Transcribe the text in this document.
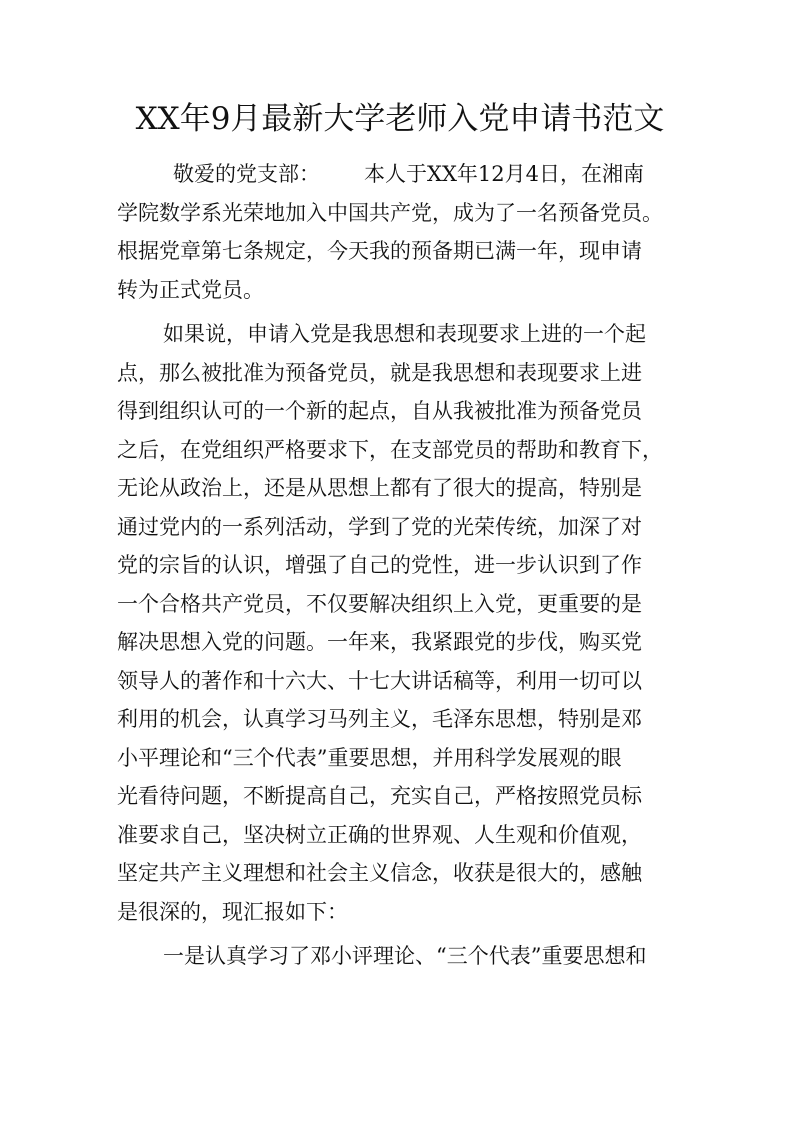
XX年9月最新大学老师入党申请书范文
敬爱的党支部： 本人于XX年12月4日，在湘南
学院数学系光荣地加入中国共产党，成为了一名预备党员。
根据党章第七条规定，今天我的预备期已满一年，现申请
转为正式党员。
如果说，申请入党是我思想和表现要求上进的一个起
点，那么被批准为预备党员，就是我思想和表现要求上进
得到组织认可的一个新的起点，自从我被批准为预备党员
之后，在党组织严格要求下，在支部党员的帮助和教育下，
无论从政治上，还是从思想上都有了很大的提高，特别是
通过党内的一系列活动，学到了党的光荣传统，加深了对
党的宗旨的认识，增强了自己的党性，进一步认识到了作
一个合格共产党员，不仅要解决组织上入党，更重要的是
解决思想入党的问题。一年来，我紧跟党的步伐，购买党
领导人的著作和十六大、十七大讲话稿等，利用一切可以
利用的机会，认真学习马列主义，毛泽东思想，特别是邓
小平理论和“三个代表”重要思想，并用科学发展观的眼
光看待问题，不断提高自己，充实自己，严格按照党员标
准要求自己，坚决树立正确的世界观、人生观和价值观，
坚定共产主义理想和社会主义信念，收获是很大的，感触
是很深的，现汇报如下：
一是认真学习了邓小评理论、“三个代表”重要思想和
